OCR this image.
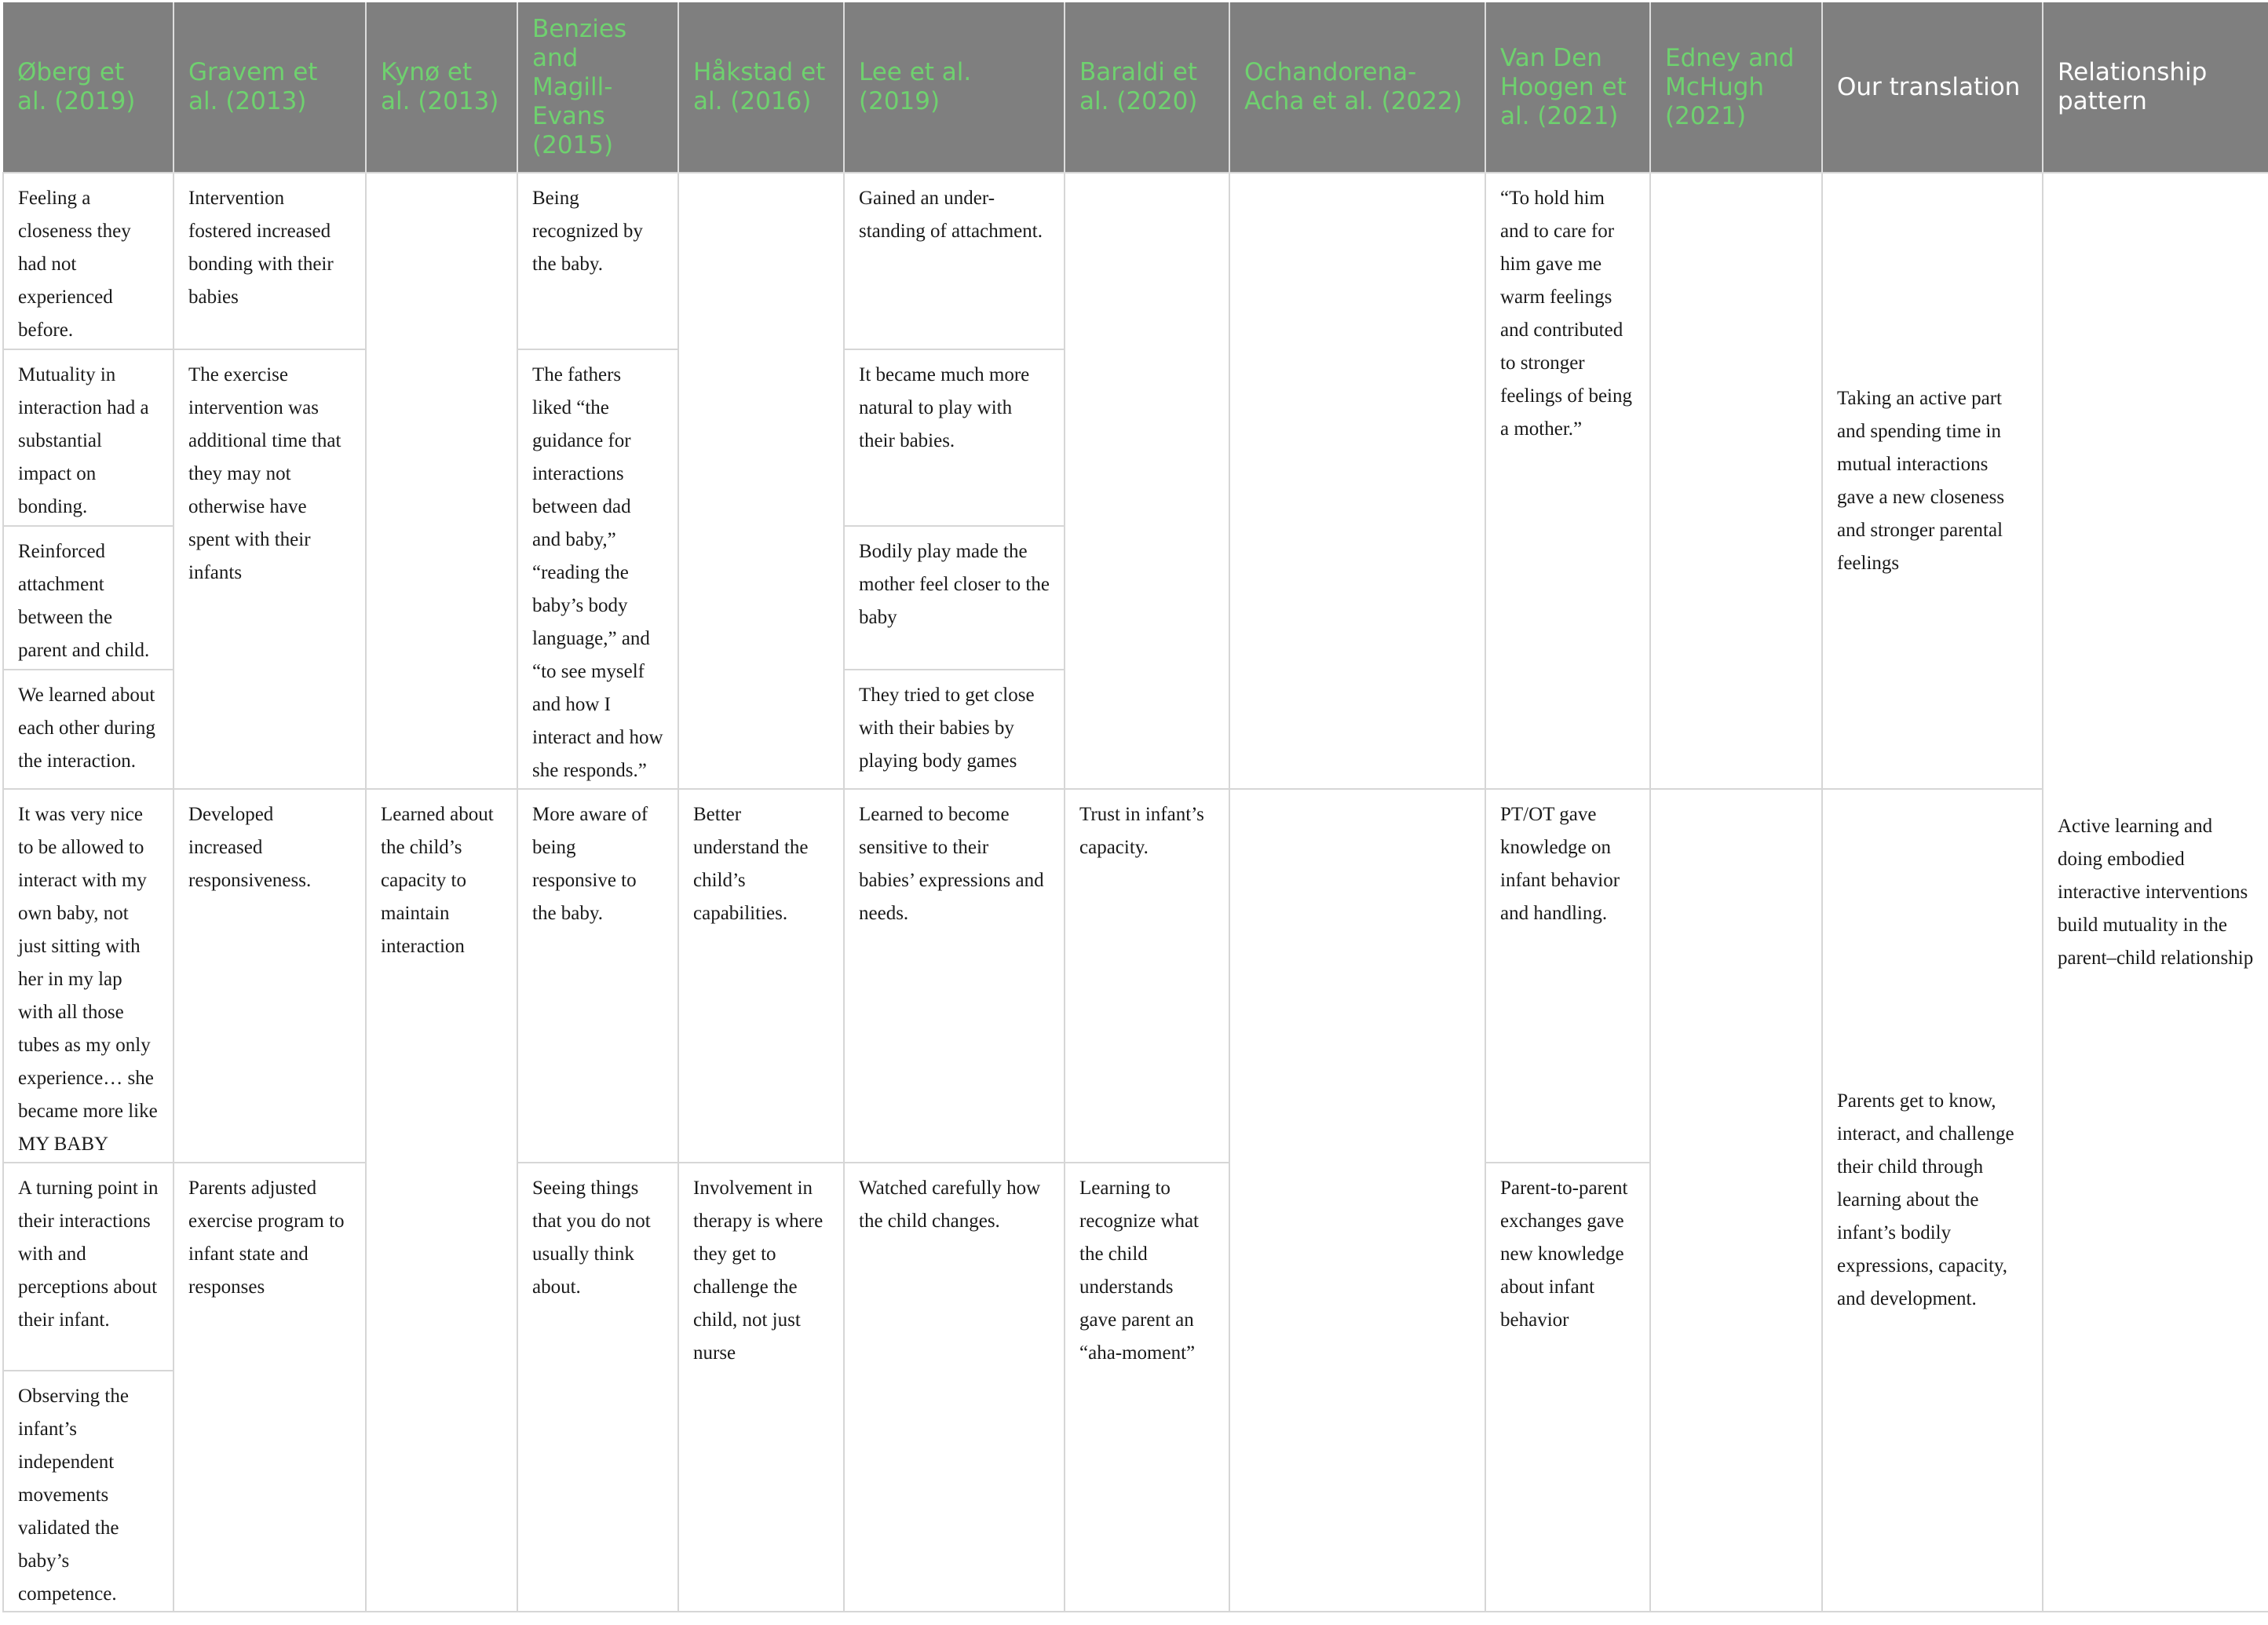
Øberg et al. (2019)	Gravem et al. (2013)	Kynø et al. (2013)	Benzies and Magill-Evans (2015)	Håkstad et al. (2016)	Lee et al. (2019)	Baraldi et al. (2020)	Ochandorena-Acha et al. (2022)	Van Den Hoogen et al. (2021)	Edney and McHugh (2021)	Our translation	Relationship pattern
Feeling a closeness they had not experienced before.	Intervention fostered increased bonding with their babies		Being recognized by the baby.		Gained an under-standing of attachment.			“To hold him and to care for him gave me warm feelings and contributed to stronger feelings of being a mother.”		Taking an active part and spending time in mutual interactions gave a new closeness and stronger parental feelings	Active learning and doing embodied interactive interventions build mutuality in the parent–child relationship
Mutuality in interaction had a substantial impact on bonding.	The exercise intervention was additional time that they may not otherwise have spent with their infants		The fathers liked “the guidance for interactions between dad and baby,” “reading the baby’s body language,” and “to see myself and how I interact and how she responds.”		It became much more natural to play with their babies.						
Reinforced attachment between the parent and child.					Bodily play made the mother feel closer to the baby						
We learned about each other during the interaction.					They tried to get close with their babies by playing body games						
It was very nice to be allowed to interact with my own baby, not just sitting with her in my lap with all those tubes as my only experience… she became more like MY BABY	Developed increased responsiveness.	Learned about the child’s capacity to maintain interaction	More aware of being responsive to the baby.	Better understand the child’s capabilities.	Learned to become sensitive to their babies’ expressions and needs.	Trust in infant’s capacity.		PT/OT gave knowledge on infant behavior and handling.		Parents get to know, interact, and challenge their child through learning about the infant’s bodily expressions, capacity, and development.	
A turning point in their interactions with and perceptions about their infant.	Parents adjusted exercise program to infant state and responses		Seeing things that you do not usually think about.	Involvement in therapy is where they get to challenge the child, not just nurse	Watched carefully how the child changes.	Learning to recognize what the child understands gave parent an “aha-moment”		Parent-to-parent exchanges gave new knowledge about infant behavior			
Observing the infant’s independent movements validated the baby’s competence.											
